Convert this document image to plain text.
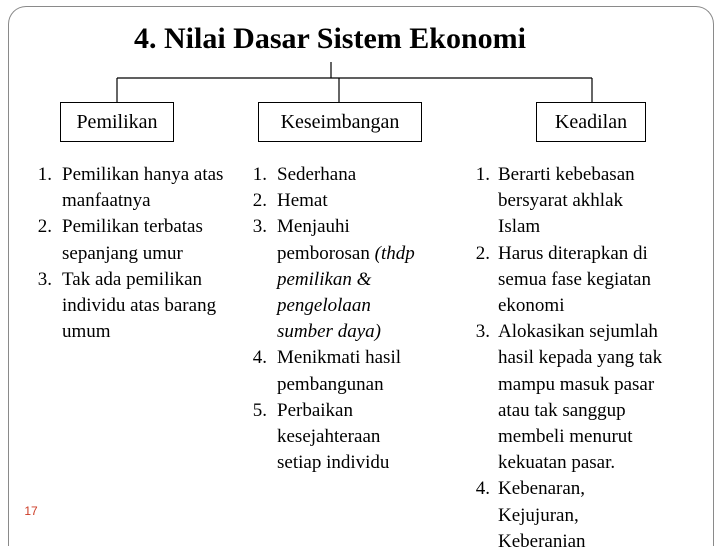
4. Nilai Dasar Sistem Ekonomi
Pemilikan	Keseimbangan	Keadilan
1. Pemilikan hanya atas
manfaatnya
2. Pemilikan terbatas
sepanjang umur
3. Tak ada pemilikan
individu atas barang
umum
1. Sederhana
2. Hemat
3. Menjauhi
pemborosan (thdp
pemilikan &
pengelolaan
sumber daya)
4. Menikmati hasil
pembangunan
5. Perbaikan
kesejahteraan
setiap individu
1. Berarti kebebasan
bersyarat akhlak
Islam
2. Harus diterapkan di
semua fase kegiatan
ekonomi
3. Alokasikan sejumlah
hasil kepada yang tak
mampu masuk pasar
atau tak sanggup
membeli menurut
kekuatan pasar.
4. Kebenaran,
Kejujuran,
Keberanian
17
